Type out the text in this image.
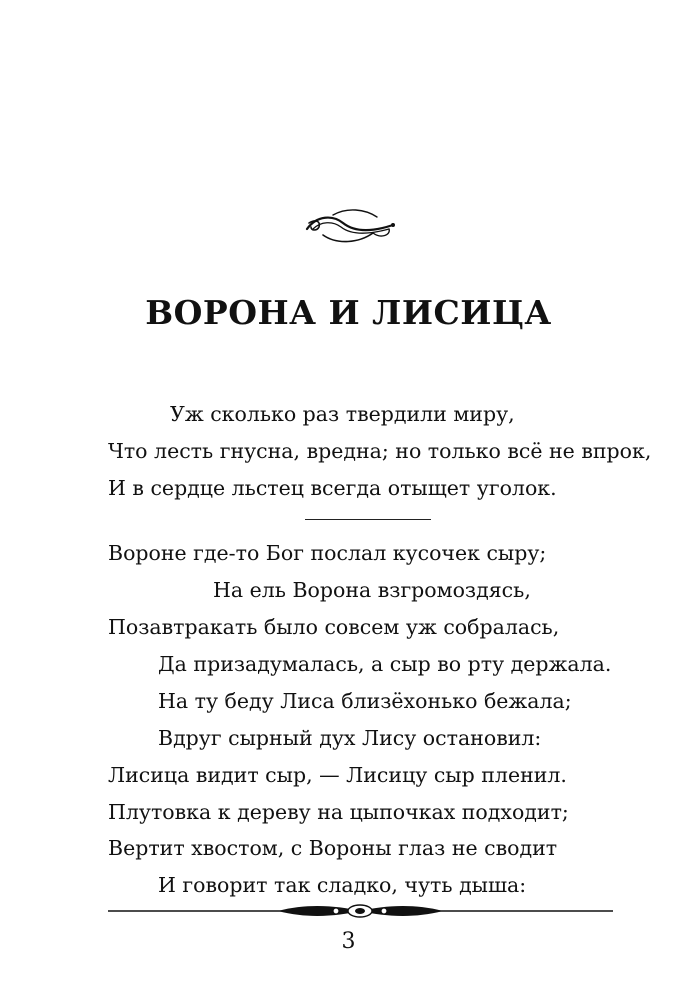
ВОРОНА И ЛИСИЦА
Уж сколько раз твердили миру,
Что лесть гнусна, вредна; но только всё не впрок,
И в сердце льстец всегда отыщет уголок.
Вороне где-то Бог послал кусочек сыру;
На ель Ворона взгромоздясь,
Позавтракать было совсем уж собралась,
Да призадумалась, а сыр во рту держала.
На ту беду Лиса близёхонько бежала;
Вдруг сырный дух Лису остановил:
Лисица видит сыр, — Лисицу сыр пленил.
Плутовка к дереву на цыпочках подходит;
Вертит хвостом, с Вороны глаз не сводит
И говорит так сладко, чуть дыша:
3
